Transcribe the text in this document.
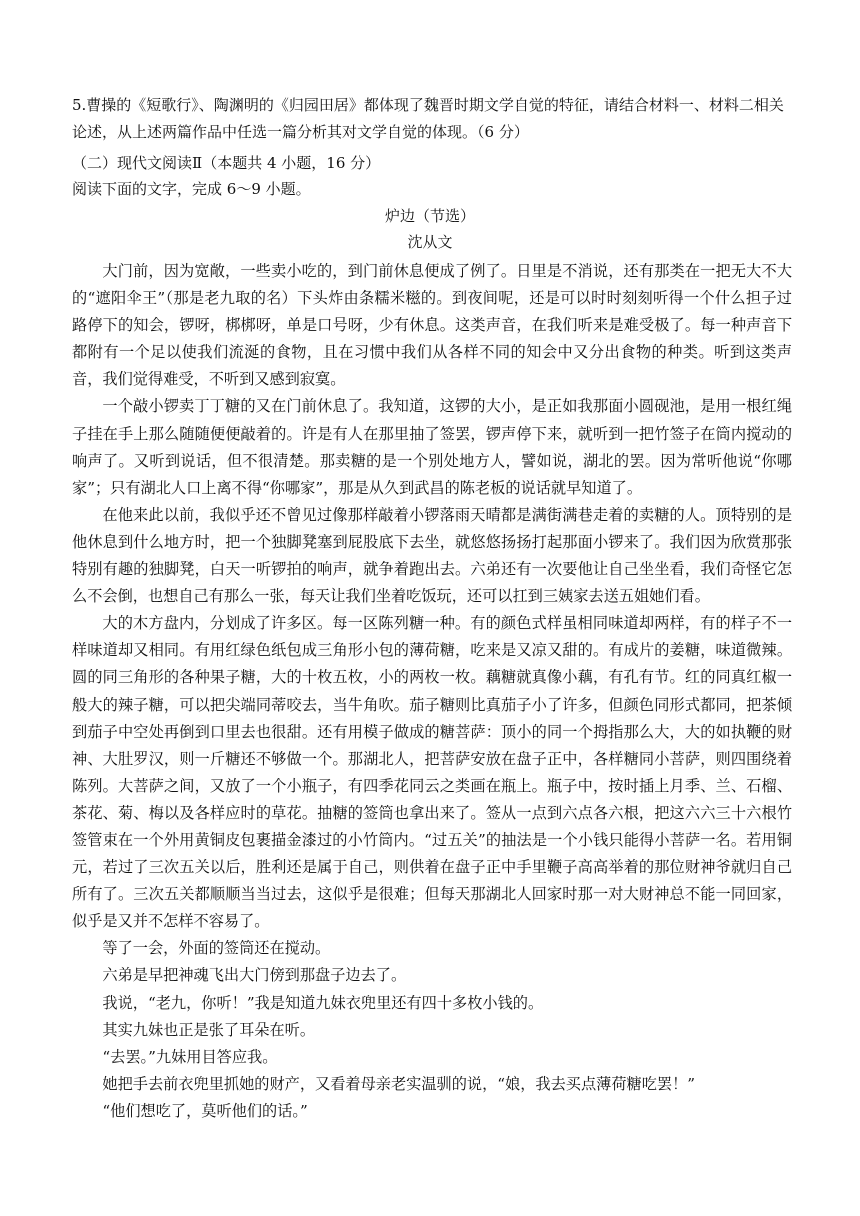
5.曹操的《短歌行》、陶渊明的《归园田居》都体现了魏晋时期文学自觉的特征，请结合材料一、材料二相关论述，从上述两篇作品中任选一篇分析其对文学自觉的体现。（6 分）

（二）现代文阅读Ⅱ（本题共 4 小题，16 分）

阅读下面的文字，完成 6～9 小题。

炉边（节选）

沈从文

大门前，因为宽敞，一些卖小吃的，到门前休息便成了例了。日里是不消说，还有那类在一把无大不大的“遮阳伞王”（那是老九取的名）下头炸由条糯米糍的。到夜间呢，还是可以时时刻刻听得一个什么担子过路停下的知会，锣呀，梆梆呀，单是口号呀，少有休息。这类声音，在我们听来是难受极了。每一种声音下都附有一个足以使我们流涎的食物，且在习惯中我们从各样不同的知会中又分出食物的种类。听到这类声音，我们觉得难受，不听到又感到寂寞。

一个敲小锣卖丁丁糖的又在门前休息了。我知道，这锣的大小，是正如我那面小圆砚池，是用一根红绳子挂在手上那么随随便便敲着的。许是有人在那里抽了签罢，锣声停下来，就听到一把竹签子在筒内搅动的响声了。又听到说话，但不很清楚。那卖糖的是一个别处地方人，譬如说，湖北的罢。因为常听他说“你哪家”；只有湖北人口上离不得“你哪家”，那是从久到武昌的陈老板的说话就早知道了。

在他来此以前，我似乎还不曾见过像那样敲着小锣落雨天晴都是满街满巷走着的卖糖的人。顶特别的是他休息到什么地方时，把一个独脚凳塞到屁股底下去坐，就悠悠扬扬打起那面小锣来了。我们因为欣赏那张特别有趣的独脚凳，白天一听锣拍的响声，就争着跑出去。六弟还有一次要他让自己坐坐看，我们奇怪它怎么不会倒，也想自己有那么一张，每天让我们坐着吃饭玩，还可以扛到三姨家去送五姐她们看。

大的木方盘内，分划成了许多区。每一区陈列糖一种。有的颜色式样虽相同味道却两样，有的样子不一样味道却又相同。有用红绿色纸包成三角形小包的薄荷糖，吃来是又凉又甜的。有成片的姜糖，味道微辣。圆的同三角形的各种果子糖，大的十枚五枚，小的两枚一枚。藕糖就真像小藕，有孔有节。红的同真红椒一般大的辣子糖，可以把尖端同蒂咬去，当牛角吹。茄子糖则比真茄子小了许多，但颜色同形式都同，把茶倾到茄子中空处再倒到口里去也很甜。还有用模子做成的糖菩萨：顶小的同一个拇指那么大，大的如执鞭的财神、大肚罗汉，则一斤糖还不够做一个。那湖北人，把菩萨安放在盘子正中，各样糖同小菩萨，则四围绕着陈列。大菩萨之间，又放了一个小瓶子，有四季花同云之类画在瓶上。瓶子中，按时插上月季、兰、石榴、茶花、菊、梅以及各样应时的草花。抽糖的签筒也拿出来了。签从一点到六点各六根，把这六六三十六根竹签管束在一个外用黄铜皮包裹描金漆过的小竹筒内。“过五关”的抽法是一个小钱只能得小菩萨一名。若用铜元，若过了三次五关以后，胜利还是属于自己，则供着在盘子正中手里鞭子高高举着的那位财神爷就归自己所有了。三次五关都顺顺当当过去，这似乎是很难；但每天那湖北人回家时那一对大财神总不能一同回家，似乎是又并不怎样不容易了。

等了一会，外面的签筒还在搅动。

六弟是早把神魂飞出大门傍到那盘子边去了。

我说，“老九，你听！”我是知道九妹衣兜里还有四十多枚小钱的。

其实九妹也正是张了耳朵在听。

“去罢。”九妹用目答应我。

她把手去前衣兜里抓她的财产，又看着母亲老实温驯的说，“娘，我去买点薄荷糖吃罢！”

“他们想吃了，莫听他们的话。”
